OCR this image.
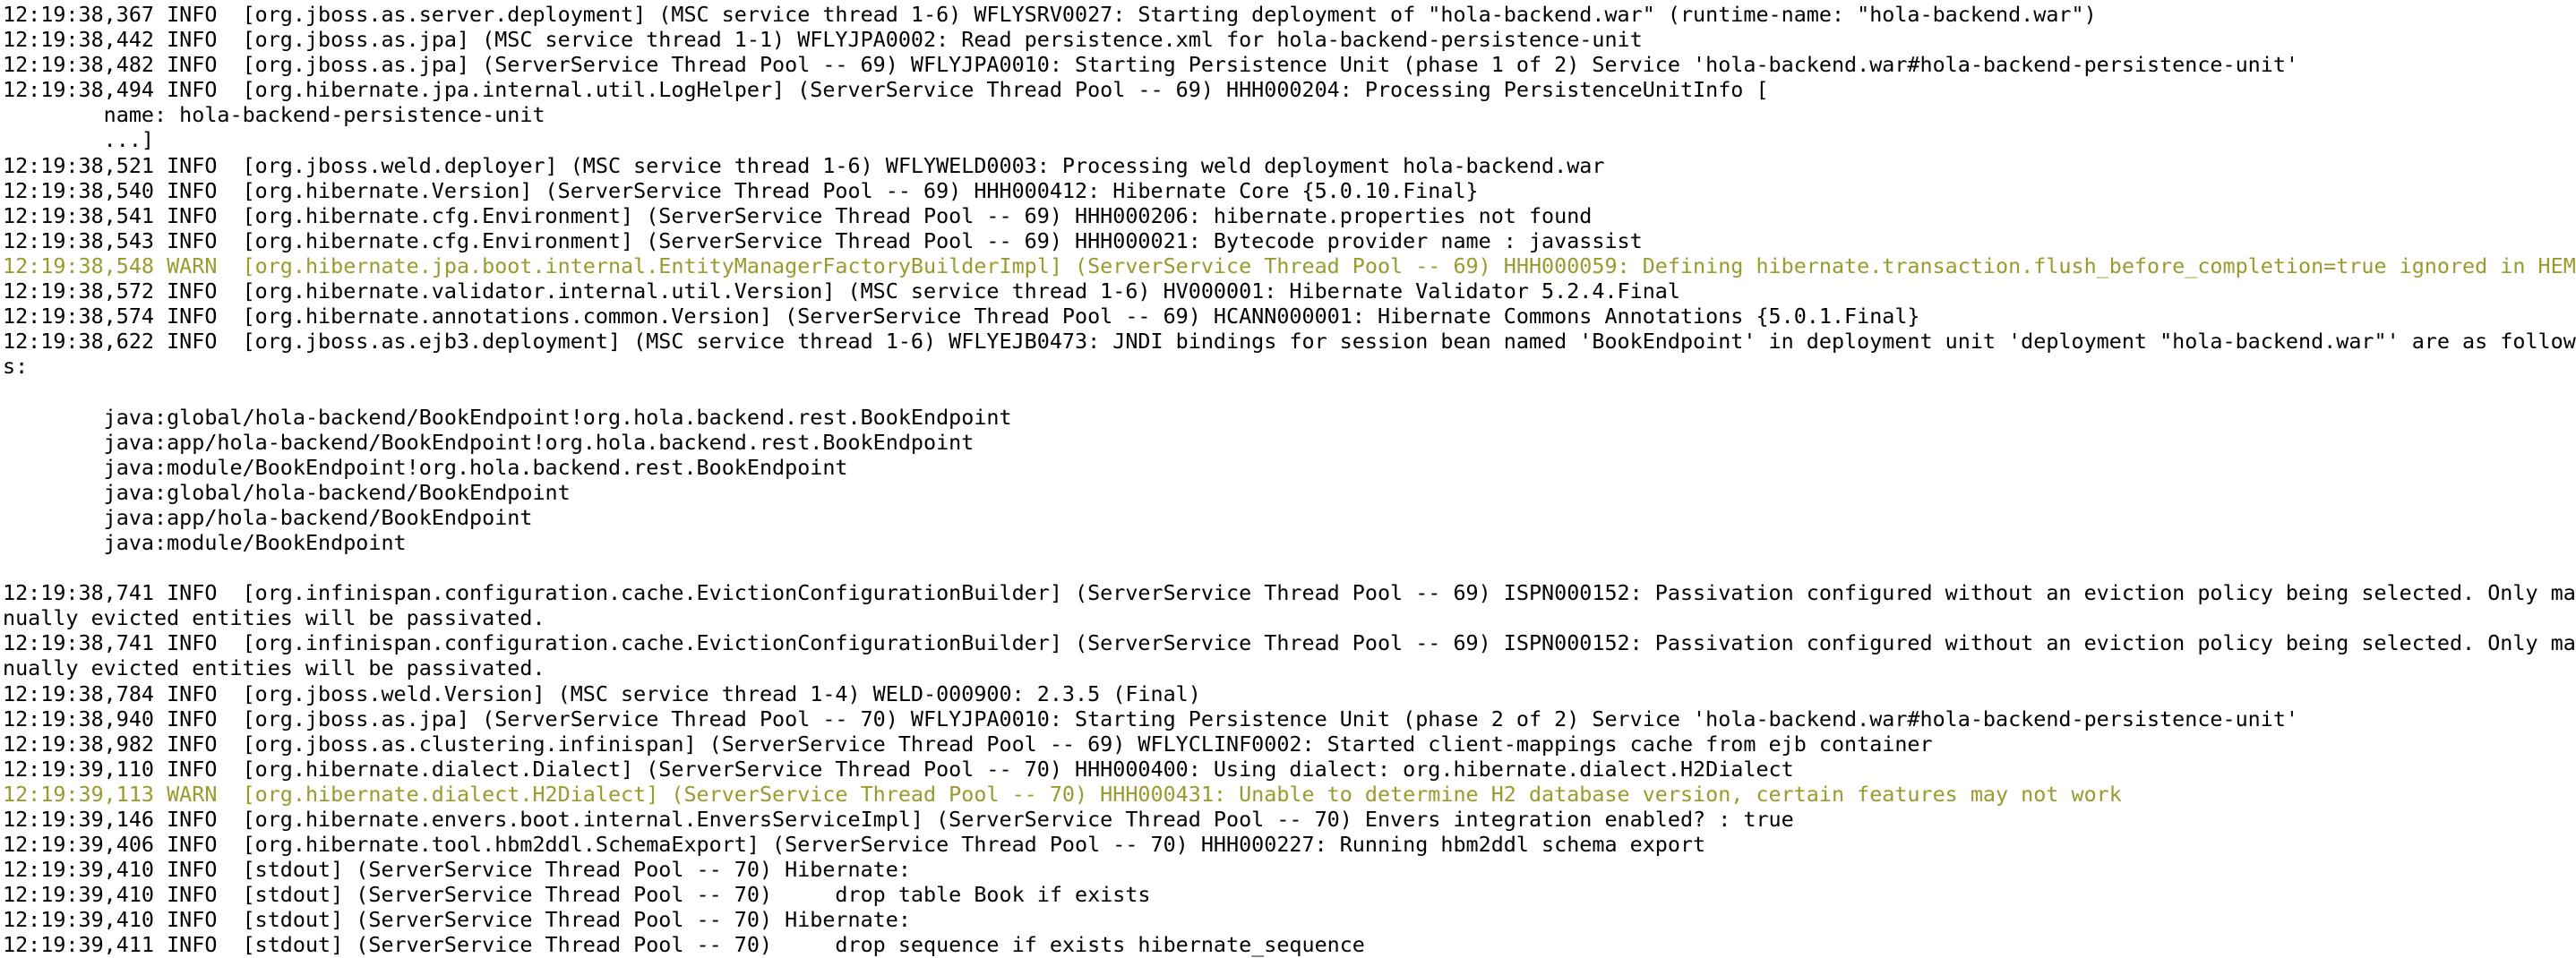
12:19:38,367 INFO  [org.jboss.as.server.deployment] (MSC service thread 1-6) WFLYSRV0027: Starting deployment of "hola-backend.war" (runtime-name: "hola-backend.war")
12:19:38,442 INFO  [org.jboss.as.jpa] (MSC service thread 1-1) WFLYJPA0002: Read persistence.xml for hola-backend-persistence-unit
12:19:38,482 INFO  [org.jboss.as.jpa] (ServerService Thread Pool -- 69) WFLYJPA0010: Starting Persistence Unit (phase 1 of 2) Service 'hola-backend.war#hola-backend-persistence-unit'
12:19:38,494 INFO  [org.hibernate.jpa.internal.util.LogHelper] (ServerService Thread Pool -- 69) HHH000204: Processing PersistenceUnitInfo [
name: hola-backend-persistence-unit
...]
12:19:38,521 INFO  [org.jboss.weld.deployer] (MSC service thread 1-6) WFLYWELD0003: Processing weld deployment hola-backend.war
12:19:38,540 INFO  [org.hibernate.Version] (ServerService Thread Pool -- 69) HHH000412: Hibernate Core {5.0.10.Final}
12:19:38,541 INFO  [org.hibernate.cfg.Environment] (ServerService Thread Pool -- 69) HHH000206: hibernate.properties not found
12:19:38,543 INFO  [org.hibernate.cfg.Environment] (ServerService Thread Pool -- 69) HHH000021: Bytecode provider name : javassist
12:19:38,548 WARN  [org.hibernate.jpa.boot.internal.EntityManagerFactoryBuilderImpl] (ServerService Thread Pool -- 69) HHH000059: Defining hibernate.transaction.flush_before_completion=true ignored in HEM
12:19:38,572 INFO  [org.hibernate.validator.internal.util.Version] (MSC service thread 1-6) HV000001: Hibernate Validator 5.2.4.Final
12:19:38,574 INFO  [org.hibernate.annotations.common.Version] (ServerService Thread Pool -- 69) HCANN000001: Hibernate Commons Annotations {5.0.1.Final}
12:19:38,622 INFO  [org.jboss.as.ejb3.deployment] (MSC service thread 1-6) WFLYEJB0473: JNDI bindings for session bean named 'BookEndpoint' in deployment unit 'deployment "hola-backend.war"' are as follow
s:
java:global/hola-backend/BookEndpoint!org.hola.backend.rest.BookEndpoint
java:app/hola-backend/BookEndpoint!org.hola.backend.rest.BookEndpoint
java:module/BookEndpoint!org.hola.backend.rest.BookEndpoint
java:global/hola-backend/BookEndpoint
java:app/hola-backend/BookEndpoint
java:module/BookEndpoint
12:19:38,741 INFO  [org.infinispan.configuration.cache.EvictionConfigurationBuilder] (ServerService Thread Pool -- 69) ISPN000152: Passivation configured without an eviction policy being selected. Only ma
nually evicted entities will be passivated.
12:19:38,741 INFO  [org.infinispan.configuration.cache.EvictionConfigurationBuilder] (ServerService Thread Pool -- 69) ISPN000152: Passivation configured without an eviction policy being selected. Only ma
nually evicted entities will be passivated.
12:19:38,784 INFO  [org.jboss.weld.Version] (MSC service thread 1-4) WELD-000900: 2.3.5 (Final)
12:19:38,940 INFO  [org.jboss.as.jpa] (ServerService Thread Pool -- 70) WFLYJPA0010: Starting Persistence Unit (phase 2 of 2) Service 'hola-backend.war#hola-backend-persistence-unit'
12:19:38,982 INFO  [org.jboss.as.clustering.infinispan] (ServerService Thread Pool -- 69) WFLYCLINF0002: Started client-mappings cache from ejb container
12:19:39,110 INFO  [org.hibernate.dialect.Dialect] (ServerService Thread Pool -- 70) HHH000400: Using dialect: org.hibernate.dialect.H2Dialect
12:19:39,113 WARN  [org.hibernate.dialect.H2Dialect] (ServerService Thread Pool -- 70) HHH000431: Unable to determine H2 database version, certain features may not work
12:19:39,146 INFO  [org.hibernate.envers.boot.internal.EnversServiceImpl] (ServerService Thread Pool -- 70) Envers integration enabled? : true
12:19:39,406 INFO  [org.hibernate.tool.hbm2ddl.SchemaExport] (ServerService Thread Pool -- 70) HHH000227: Running hbm2ddl schema export
12:19:39,410 INFO  [stdout] (ServerService Thread Pool -- 70) Hibernate:
12:19:39,410 INFO  [stdout] (ServerService Thread Pool -- 70)     drop table Book if exists
12:19:39,410 INFO  [stdout] (ServerService Thread Pool -- 70) Hibernate:
12:19:39,411 INFO  [stdout] (ServerService Thread Pool -- 70)     drop sequence if exists hibernate_sequence
